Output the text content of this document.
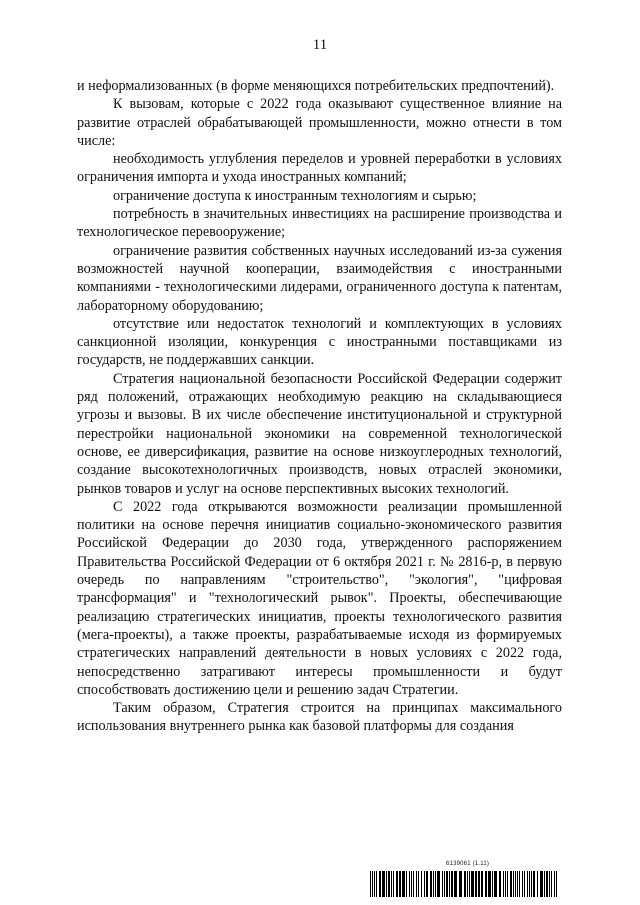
11

и неформализованных (в форме меняющихся потребительских предпочтений).

К вызовам, которые с 2022 года оказывают существенное влияние на развитие отраслей обрабатывающей промышленности, можно отнести в том числе:

необходимость углубления переделов и уровней переработки в условиях ограничения импорта и ухода иностранных компаний;

ограничение доступа к иностранным технологиям и сырью;

потребность в значительных инвестициях на расширение производства и технологическое перевооружение;

ограничение развития собственных научных исследований из-за сужения возможностей научной кооперации, взаимодействия с иностранными компаниями - технологическими лидерами, ограниченного доступа к патентам, лабораторному оборудованию;

отсутствие или недостаток технологий и комплектующих в условиях санкционной изоляции, конкуренция с иностранными поставщиками из государств, не поддержавших санкции.

Стратегия национальной безопасности Российской Федерации содержит ряд положений, отражающих необходимую реакцию на складывающиеся угрозы и вызовы. В их числе обеспечение институциональной и структурной перестройки национальной экономики на современной технологической основе, ее диверсификация, развитие на основе низкоуглеродных технологий, создание высокотехнологичных производств, новых отраслей экономики, рынков товаров и услуг на основе перспективных высоких технологий.

С 2022 года открываются возможности реализации промышленной политики на основе перечня инициатив социально-экономического развития Российской Федерации до 2030 года, утвержденного распоряжением Правительства Российской Федерации от 6 октября 2021 г. № 2816-р, в первую очередь по направлениям "строительство", "экология", "цифровая трансформация" и "технологический рывок". Проекты, обеспечивающие реализацию стратегических инициатив, проекты технологического развития (мега-проекты), а также проекты, разрабатываемые исходя из формируемых стратегических направлений деятельности в новых условиях с 2022 года, непосредственно затрагивают интересы промышленности и будут способствовать достижению цели и решению задач Стратегии.

Таким образом, Стратегия строится на принципах максимального использования внутреннего рынка как базовой платформы для создания

6139061 (1.11)
